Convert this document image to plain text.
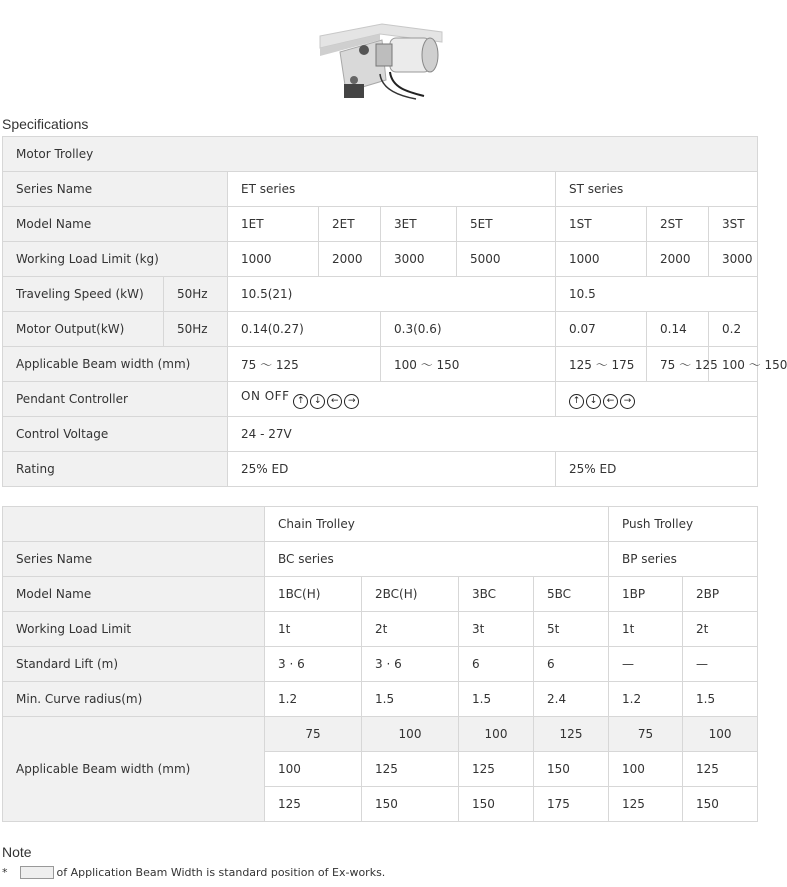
Specifications
Motor Trolley								
Series Name		ET series				ST series		
Model Name		1ET	2ET	3ET	5ET	1ST	2ST	3ST
Working Load Limit (kg)		1000	2000	3000	5000	1000	2000	3000
Traveling Speed (kW)	50Hz	10.5(21)				10.5		
Motor Output(kW)	50Hz	0.14(0.27)		0.3(0.6)		0.07	0.14	0.2
Applicable Beam width (mm)		75 ～ 125		100 ～ 150		125 ～ 175	75 ～ 125	100 ～ 150
Pendant Controller		ON OFF ↑ ↓ ← →				↑ ↓ ← →		
Control Voltage		24 - 27V						
Rating		25% ED				25% ED		
	Chain Trolley				Push Trolley	
Series Name	BC series				BP series	
Model Name	1BC(H)	2BC(H)	3BC	5BC	1BP	2BP
Working Load Limit	1t	2t	3t	5t	1t	2t
Standard Lift (m)	3 · 6	3 · 6	6	6	—	—
Min. Curve radius(m)	1.2	1.5	1.5	2.4	1.2	1.5
Applicable Beam width (mm)	75	100	100	125	75	100
	100	125	125	150	100	125
	125	150	150	175	125	150
Note
*	of Application Beam Width is standard position of Ex-works.
